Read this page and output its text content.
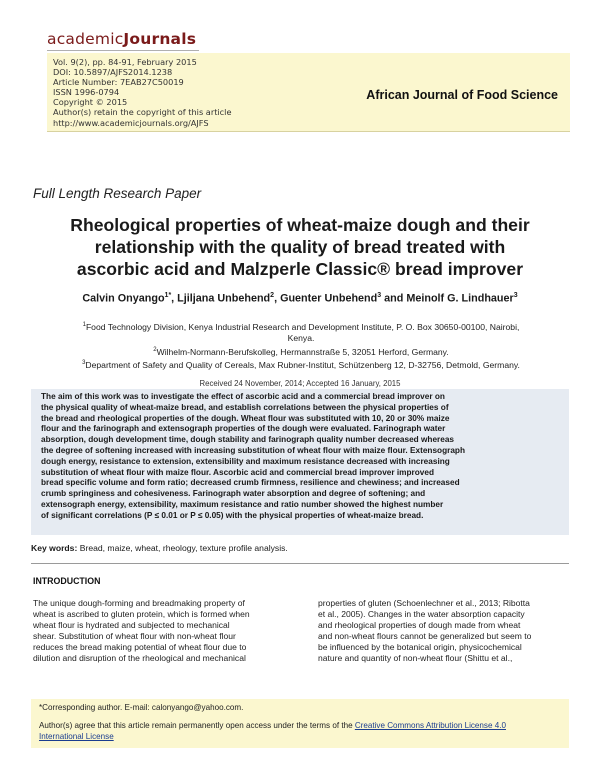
academicJournals
Vol. 9(2), pp. 84-91, February 2015
DOI: 10.5897/AJFS2014.1238
Article Number: 7EAB27C50019
ISSN 1996-0794
Copyright © 2015
Author(s) retain the copyright of this article
http://www.academicjournals.org/AJFS
African Journal of Food Science
Full Length Research Paper
Rheological properties of wheat-maize dough and their
relationship with the quality of bread treated with
ascorbic acid and Malzperle Classic® bread improver
Calvin Onyango$^{1*}$, Ljiljana Unbehend$^2$, Guenter Unbehend$^3$ and Meinolf G. Lindhauer$^3$
$^1$Food Technology Division, Kenya Industrial Research and Development Institute, P. O. Box 30650-00100, Nairobi,
Kenya.
$^2$Wilhelm-Normann-Berufskolleg, Hermannstraße 5, 32051 Herford, Germany.
$^3$Department of Safety and Quality of Cereals, Max Rubner-Institut, Schützenberg 12, D-32756, Detmold, Germany.
Received 24 November, 2014; Accepted 16 January, 2015
The aim of this work was to investigate the effect of ascorbic acid and a commercial bread improver on
the physical quality of wheat-maize bread, and establish correlations between the physical properties of
the bread and rheological properties of the dough. Wheat flour was substituted with 10, 20 or 30% maize
flour and the farinograph and extensograph properties of the dough were evaluated. Farinograph water
absorption, dough development time, dough stability and farinograph quality number decreased whereas
the degree of softening increased with increasing substitution of wheat flour with maize flour. Extensograph
dough energy, resistance to extension, extensibility and maximum resistance decreased with increasing
substitution of wheat flour with maize flour. Ascorbic acid and commercial bread improver improved
bread specific volume and form ratio; decreased crumb firmness, resilience and chewiness; and increased
crumb springiness and cohesiveness. Farinograph water absorption and degree of softening; and
extensograph energy, extensibility, maximum resistance and ratio number showed the highest number
of significant correlations (P ≤ 0.01 or P ≤ 0.05) with the physical properties of wheat-maize bread.
Key words: Bread, maize, wheat, rheology, texture profile analysis.
INTRODUCTION
The unique dough-forming and breadmaking property of
wheat is ascribed to gluten protein, which is formed when
wheat flour is hydrated and subjected to mechanical
shear. Substitution of wheat flour with non-wheat flour
reduces the bread making potential of wheat flour due to
dilution and disruption of the rheological and mechanical
properties of gluten (Schoenlechner et al., 2013; Ribotta
et al., 2005). Changes in the water absorption capacity
and rheological properties of dough made from wheat
and non-wheat flours cannot be generalized but seem to
be influenced by the botanical origin, physicochemical
nature and quantity of non-wheat flour (Shittu et al.,
*Corresponding author. E-mail: calonyango@yahoo.com.
Author(s) agree that this article remain permanently open access under the terms of the Creative Commons Attribution License 4.0
International License
